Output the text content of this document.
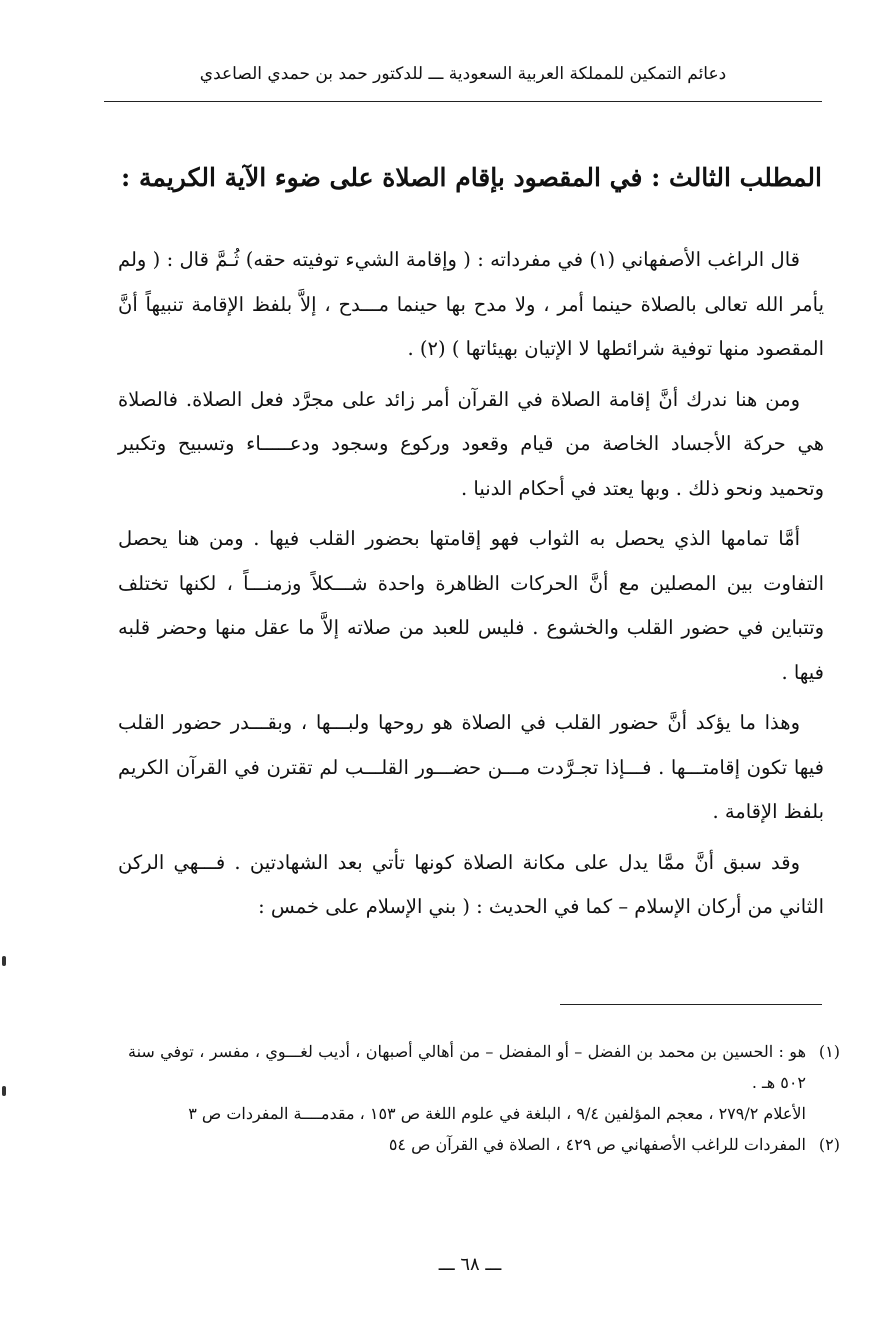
دعائم التمكين للمملكة العربية السعودية ـــ للدكتور حمد بن حمدي الصاعدي
المطلب الثالث : في المقصود بإقام الصلاة على ضوء الآية الكريمة :

قال الراغب الأصفهاني (١) في مفرداته : ( وإقامة الشيء توفيته حقه) ثُـمَّ قال : ( ولم يأمر الله تعالى بالصلاة حينما أمر ، ولا مدح بها حينما مـــدح ، إلاَّ بلفظ الإقامة تنبيهاً أنَّ المقصود منها توفية شرائطها لا الإتيان بهيئاتها ) (٢) .

ومن هنا ندرك أنَّ إقامة الصلاة في القرآن أمر زائد على مجرَّد فعل الصلاة. فالصلاة هي حركة الأجساد الخاصة من قيام وقعود وركوع وسجود ودعـــــاء وتسبيح وتكبير وتحميد ونحو ذلك . وبها يعتد في أحكام الدنيا .

أمَّا تمامها الذي يحصل به الثواب فهو إقامتها بحضور القلب فيها . ومن هنا يحصل التفاوت بين المصلين مع أنَّ الحركات الظاهرة واحدة شـــكلاً وزمنـــاً ، لكنها تختلف وتتباين في حضور القلب والخشوع . فليس للعبد من صلاته إلاَّ ما عقل منها وحضر قلبه فيها .

وهذا ما يؤكد أنَّ حضور القلب في الصلاة هو روحها ولبـــها ، وبقـــدر حضور القلب فيها تكون إقامتـــها . فـــإذا تجـرَّدت مـــن حضـــور القلـــب لم تقترن في القرآن الكريم بلفظ الإقامة .

وقد سبق أنَّ ممَّا يدل على مكانة الصلاة كونها تأتي بعد الشهادتين . فـــهي الركن الثاني من أركان الإسلام – كما في الحديث : ( بني الإسلام على خمس :

(١)
هو : الحسين بن محمد بن الفضل – أو المفضل – من أهالي أصبهان ، أديب لغـــوي ، مفسر ، توفي سنة ٥٠٢ هـ .

الأعلام ٢٧٩/٢ ، معجم المؤلفين ٩/٤ ، البلغة في علوم اللغة ص ١٥٣ ، مقدمــــة المفردات ص ٣

(٢)
المفردات للراغب الأصفهاني ص ٤٢٩ ، الصلاة في القرآن ص ٥٤

ـــ ٦٨ ـــ
